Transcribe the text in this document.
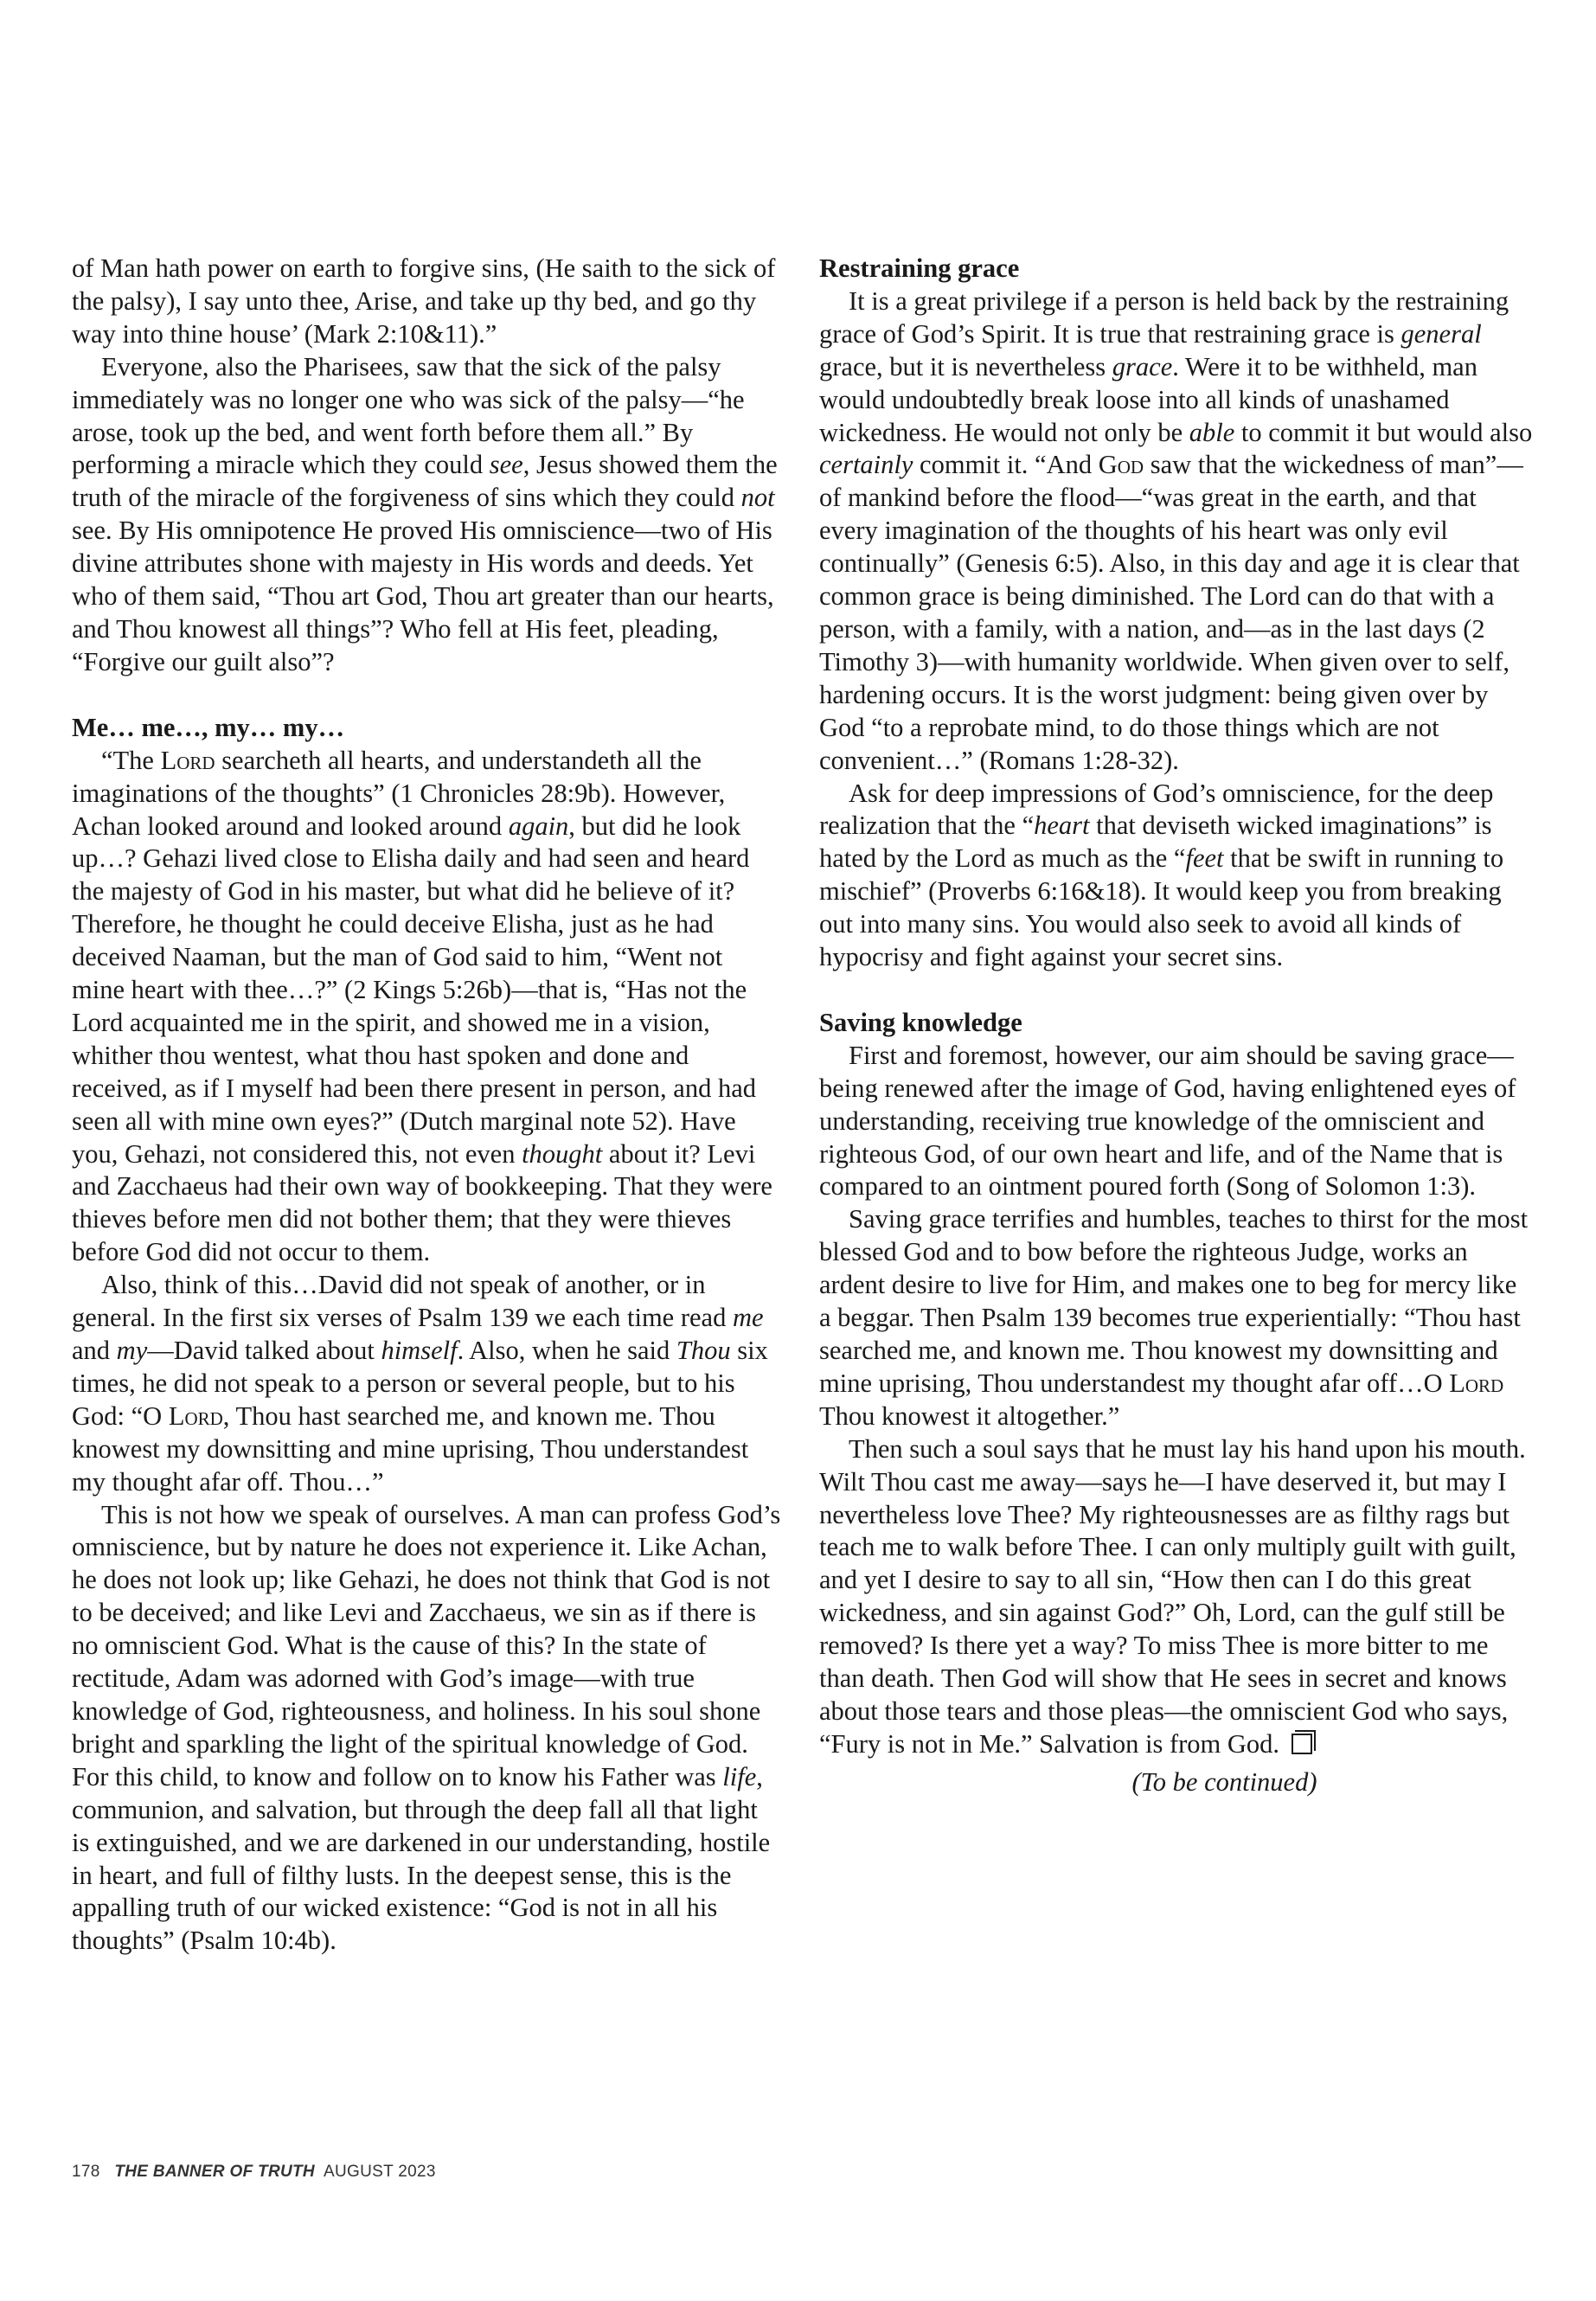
of Man hath power on earth to forgive sins, (He saith to the sick of the palsy), I say unto thee, Arise, and take up thy bed, and go thy way into thine house’ (Mark 2:10&11).”

Everyone, also the Pharisees, saw that the sick of the palsy immediately was no longer one who was sick of the palsy—“he arose, took up the bed, and went forth before them all.” By performing a miracle which they could see, Jesus showed them the truth of the miracle of the forgiveness of sins which they could not see. By His omnipotence He proved His omniscience—two of His divine attributes shone with majesty in His words and deeds. Yet who of them said, “Thou art God, Thou art greater than our hearts, and Thou knowest all things”? Who fell at His feet, pleading, “Forgive our guilt also”?

Me… me…, my… my…

“The Lord searcheth all hearts, and understandeth all the imaginations of the thoughts” (1 Chronicles 28:9b). However, Achan looked around and looked around again, but did he look up…? Gehazi lived close to Elisha daily and had seen and heard the majesty of God in his master, but what did he believe of it? Therefore, he thought he could deceive Elisha, just as he had deceived Naaman, but the man of God said to him, “Went not mine heart with thee…?” (2 Kings 5:26b)—that is, “Has not the Lord acquainted me in the spirit, and showed me in a vision, whither thou wentest, what thou hast spoken and done and received, as if I myself had been there present in person, and had seen all with mine own eyes?” (Dutch marginal note 52). Have you, Gehazi, not considered this, not even thought about it? Levi and Zacchaeus had their own way of bookkeeping. That they were thieves before men did not bother them; that they were thieves before God did not occur to them.

Also, think of this…David did not speak of another, or in general. In the first six verses of Psalm 139 we each time read me and my—David talked about himself. Also, when he said Thou six times, he did not speak to a person or several people, but to his God: “O Lord, Thou hast searched me, and known me. Thou knowest my downsitting and mine uprising, Thou understandest my thought afar off. Thou…”

This is not how we speak of ourselves. A man can profess God’s omniscience, but by nature he does not experience it. Like Achan, he does not look up; like Gehazi, he does not think that God is not to be deceived; and like Levi and Zacchaeus, we sin as if there is no omniscient God. What is the cause of this? In the state of rectitude, Adam was adorned with God’s image—with true knowledge of God, righteousness, and holiness. In his soul shone bright and sparkling the light of the spiritual knowledge of God. For this child, to know and follow on to know his Father was life, communion, and salvation, but through the deep fall all that light is extinguished, and we are darkened in our understanding, hostile in heart, and full of filthy lusts. In the deepest sense, this is the appalling truth of our wicked existence: “God is not in all his thoughts” (Psalm 10:4b).

Restraining grace

It is a great privilege if a person is held back by the restraining grace of God’s Spirit. It is true that restraining grace is general grace, but it is nevertheless grace. Were it to be withheld, man would undoubtedly break loose into all kinds of unashamed wickedness. He would not only be able to commit it but would also certainly commit it. “And God saw that the wickedness of man”—of mankind before the flood—“was great in the earth, and that every imagination of the thoughts of his heart was only evil continually” (Genesis 6:5). Also, in this day and age it is clear that common grace is being diminished. The Lord can do that with a person, with a family, with a nation, and—as in the last days (2 Timothy 3)—with humanity worldwide. When given over to self, hardening occurs. It is the worst judgment: being given over by God “to a reprobate mind, to do those things which are not convenient…” (Romans 1:28-32).

Ask for deep impressions of God’s omniscience, for the deep realization that the “heart that deviseth wicked imaginations” is hated by the Lord as much as the “feet that be swift in running to mischief” (Proverbs 6:16&18). It would keep you from breaking out into many sins. You would also seek to avoid all kinds of hypocrisy and fight against your secret sins.

Saving knowledge

First and foremost, however, our aim should be saving grace—being renewed after the image of God, having enlightened eyes of understanding, receiving true knowledge of the omniscient and righteous God, of our own heart and life, and of the Name that is compared to an ointment poured forth (Song of Solomon 1:3).

Saving grace terrifies and humbles, teaches to thirst for the most blessed God and to bow before the righteous Judge, works an ardent desire to live for Him, and makes one to beg for mercy like a beggar. Then Psalm 139 becomes true experientially: “Thou hast searched me, and known me. Thou knowest my downsitting and mine uprising, Thou understandest my thought afar off…O Lord Thou knowest it altogether.”

Then such a soul says that he must lay his hand upon his mouth. Wilt Thou cast me away—says he—I have deserved it, but may I nevertheless love Thee? My righteousnesses are as filthy rags but teach me to walk before Thee. I can only multiply guilt with guilt, and yet I desire to say to all sin, “How then can I do this great wickedness, and sin against God?” Oh, Lord, can the gulf still be removed? Is there yet a way? To miss Thee is more bitter to me than death. Then God will show that He sees in secret and knows about those tears and those pleas—the omniscient God who says, “Fury is not in Me.” Salvation is from God.

(To be continued)
178 THE BANNER OF TRUTH AUGUST 2023
